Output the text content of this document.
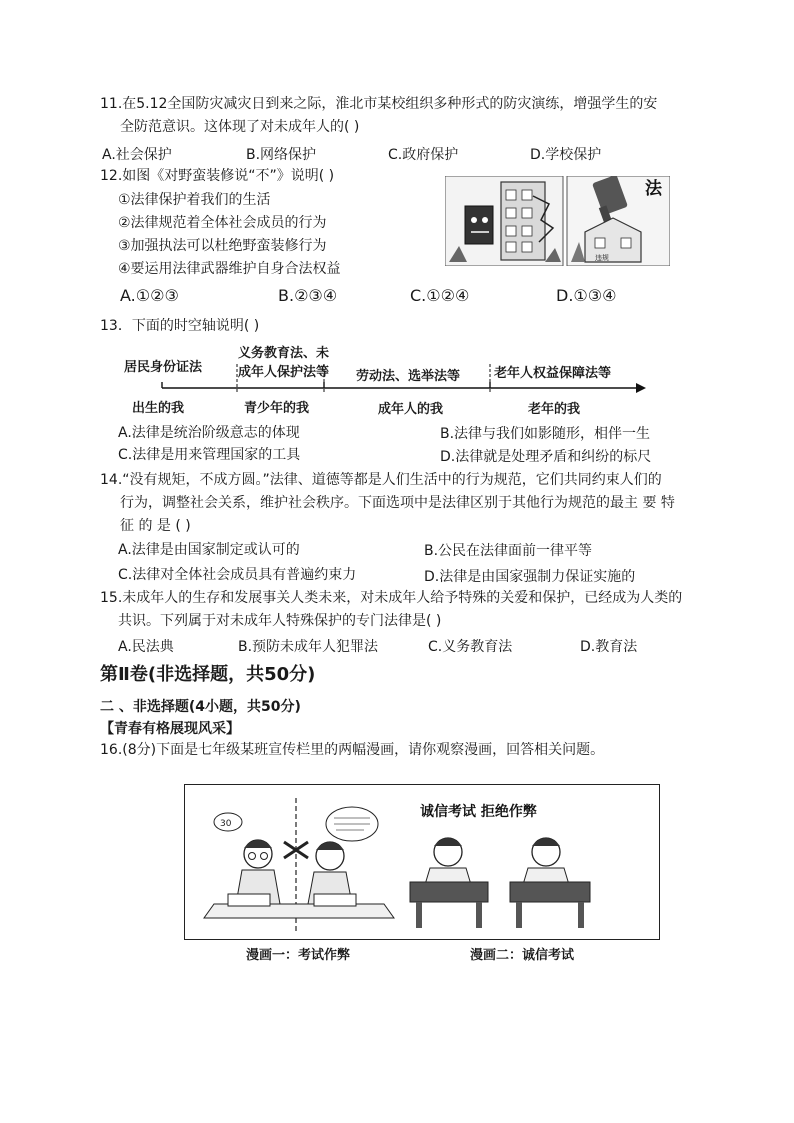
11.在5.12全国防灾减灾日到来之际，淮北市某校组织多种形式的防灾演练，增强学生的安
全防范意识。这体现了对未成年人的( )
A.社会保护	B.网络保护	C.政府保护	D.学校保护
12.如图《对野蛮装修说“不”》说明( )
①法律保护着我们的生活
②法律规范着全体社会成员的行为
③加强执法可以杜绝野蛮装修行为
④要运用法律武器维护自身合法权益
法
违规
A.①②③	B.②③④	C.①②④	D.①③④
13．下面的时空轴说明( )
居民身份证法
义务教育法、未
成年人保护法等 劳动法、选举法等	老年人权益保障法等
出生的我	青少年的我	成年人的我	老年的我
A.法律是统治阶级意志的体现	B.法律与我们如影随形，相伴一生
C.法律是用来管理国家的工具	D.法律就是处理矛盾和纠纷的标尺
14.“没有规矩，不成方圆。”法律、道德等都是人们生活中的行为规范，它们共同约束人们的
行为，调整社会关系，维护社会秩序。下面选项中是法律区别于其他行为规范的最主 要 特
征 的 是 ( )
A.法律是由国家制定或认可的	B.公民在法律面前一律平等
C.法律对全体社会成员具有普遍约束力	D.法律是由国家强制力保证实施的
15.未成年人的生存和发展事关人类未来，对未成年人给予特殊的关爱和保护，已经成为人类的
共识。下列属于对未成年人特殊保护的专门法律是( )
A.民法典	B.预防未成年人犯罪法	C.义务教育法	D.教育法
第Ⅱ卷(非选择题，共50分)
二 、非选择题(4小题，共50分)
【青春有格展现风采】
16.(8分)下面是七年级某班宣传栏里的两幅漫画，请你观察漫画，回答相关问题。
30
诚信考试 拒绝作弊
漫画一：考试作弊	漫画二：诚信考试
